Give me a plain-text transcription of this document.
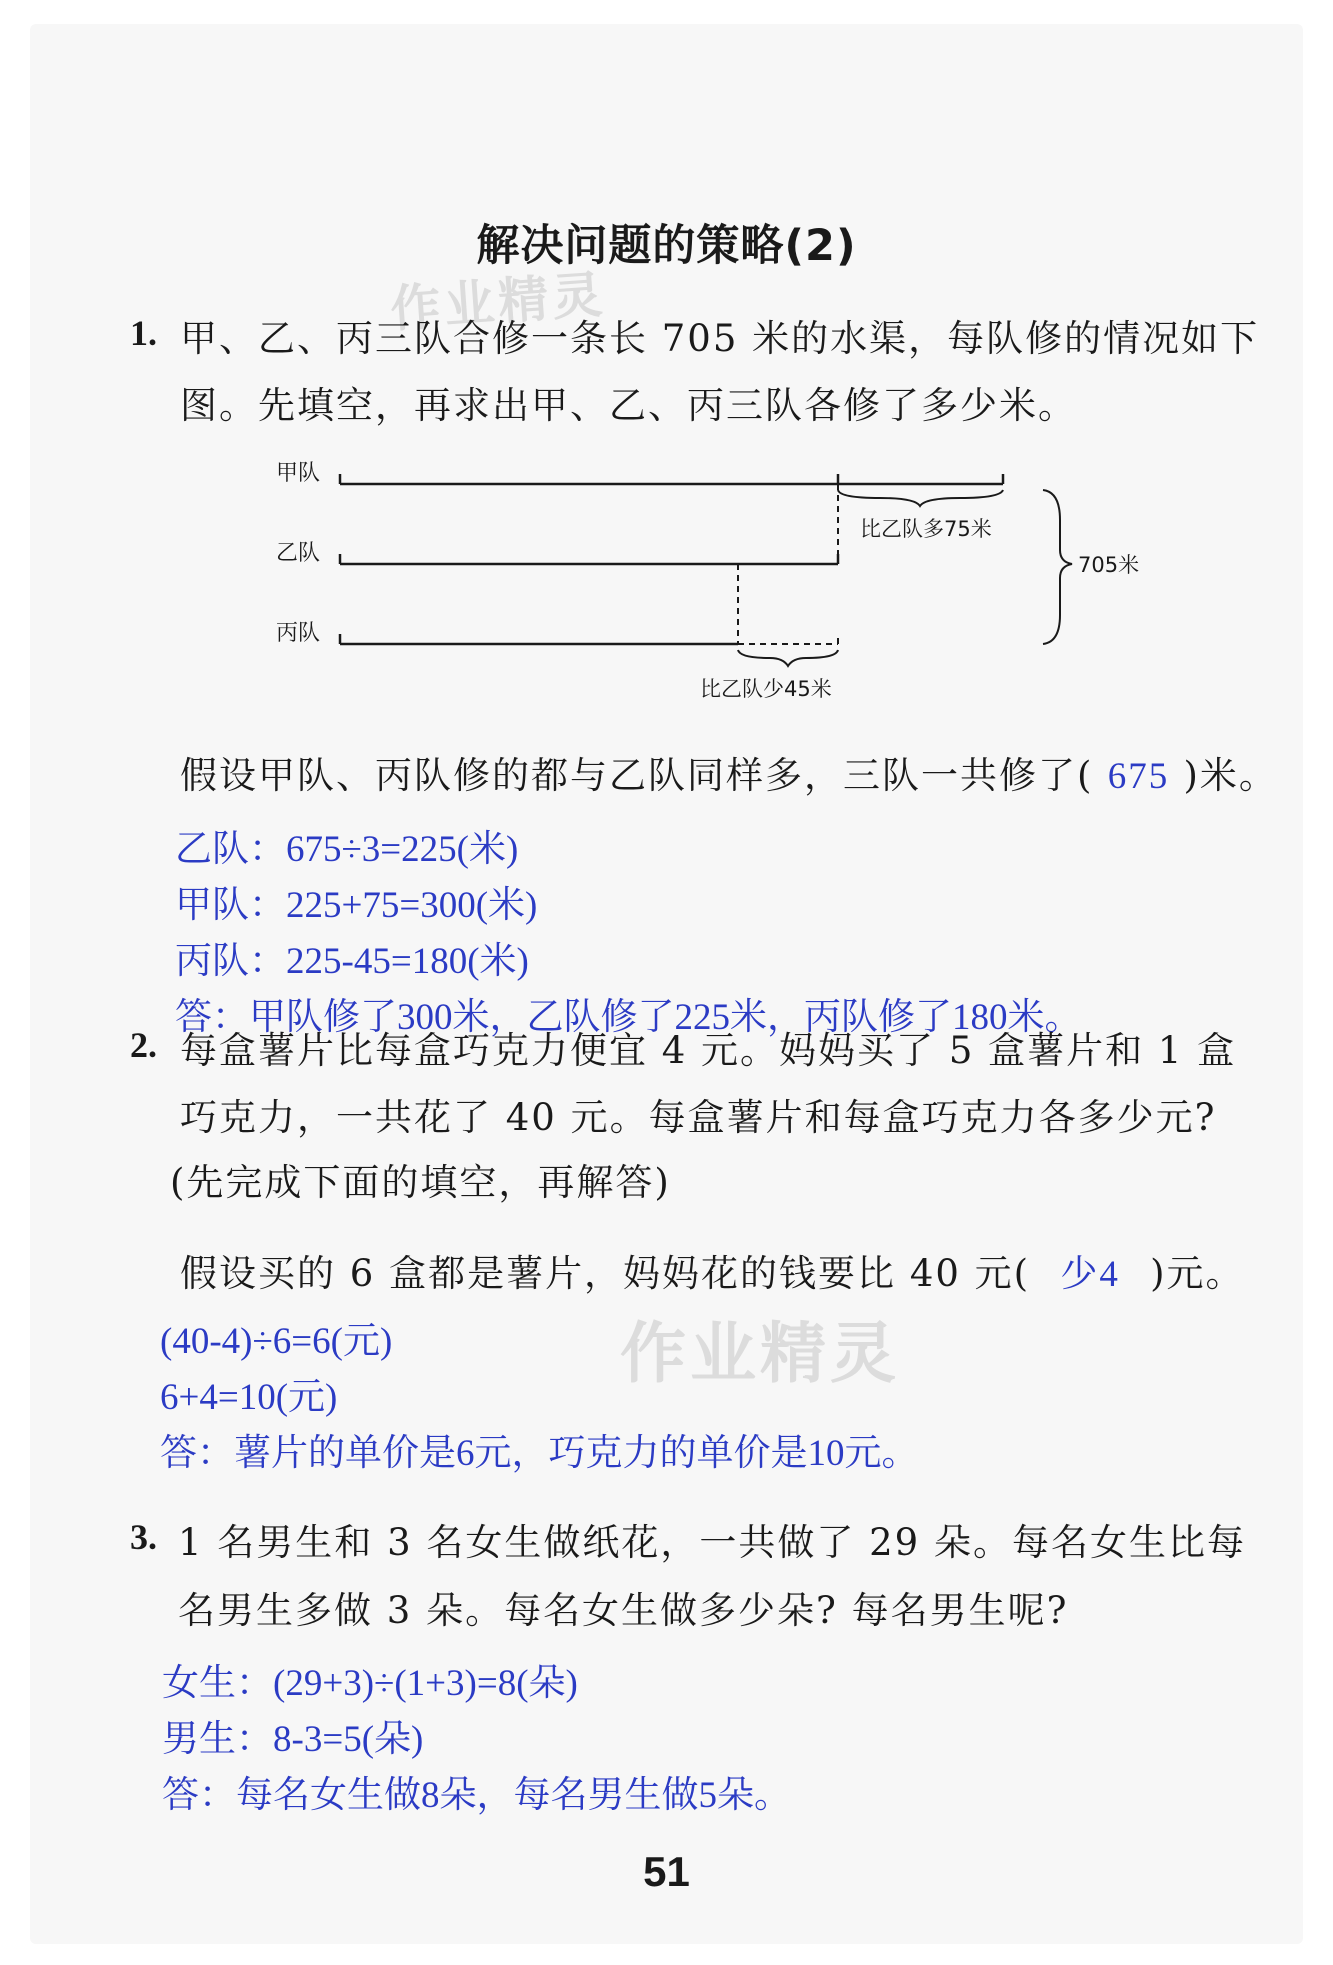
解决问题的策略(2)
作业精灵
1. 甲、乙、丙三队合修一条长 705 米的水渠，每队修的情况如下
图。先填空，再求出甲、乙、丙三队各修了多少米。
甲队
乙队
丙队
比乙队多75米
比乙队少45米
705米
假设甲队、丙队修的都与乙队同样多，三队一共修了( 675 )米。
乙队：675÷3=225(米)
甲队：225+75=300(米)
丙队：225-45=180(米)
答：甲队修了300米，乙队修了225米，丙队修了180米。
2. 每盒薯片比每盒巧克力便宜 4 元。妈妈买了 5 盒薯片和 1 盒
巧克力，一共花了 40 元。每盒薯片和每盒巧克力各多少元?
(先完成下面的填空，再解答)
假设买的 6 盒都是薯片，妈妈花的钱要比 40 元( 少4 )元。
作业精灵
(40-4)÷6=6(元)
6+4=10(元)
答：薯片的单价是6元，巧克力的单价是10元。
3. 1 名男生和 3 名女生做纸花，一共做了 29 朵。每名女生比每
名男生多做 3 朵。每名女生做多少朵? 每名男生呢?
女生：(29+3)÷(1+3)=8(朵)
男生：8-3=5(朵)
答：每名女生做8朵，每名男生做5朵。
51
